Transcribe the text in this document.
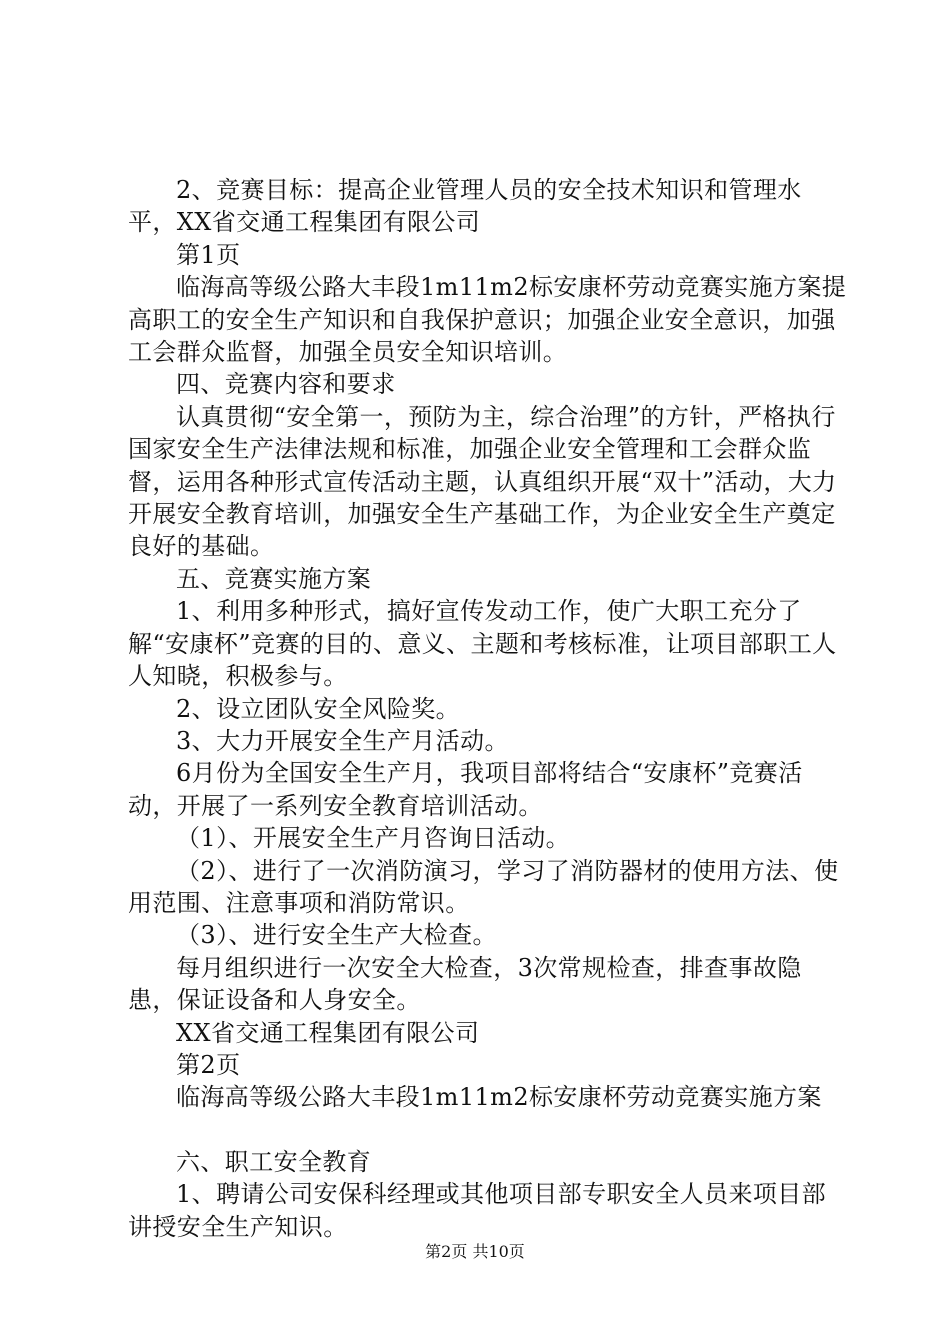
2、竞赛目标：提高企业管理人员的安全技术知识和管理水平，XX省交通工程集团有限公司

第1页

临海高等级公路大丰段1m11m2标安康杯劳动竞赛实施方案提高职工的安全生产知识和自我保护意识；加强企业安全意识，加强工会群众监督，加强全员安全知识培训。

四、竞赛内容和要求

认真贯彻“安全第一，预防为主，综合治理”的方针，严格执行国家安全生产法律法规和标准，加强企业安全管理和工会群众监督，运用各种形式宣传活动主题，认真组织开展“双十”活动，大力开展安全教育培训，加强安全生产基础工作，为企业安全生产奠定良好的基础。

五、竞赛实施方案

1、利用多种形式，搞好宣传发动工作，使广大职工充分了解“安康杯”竞赛的目的、意义、主题和考核标准，让项目部职工人人知晓，积极参与。

2、设立团队安全风险奖。

3、大力开展安全生产月活动。

6月份为全国安全生产月，我项目部将结合“安康杯”竞赛活动，开展了一系列安全教育培训活动。

（1）、开展安全生产月咨询日活动。

（2）、进行了一次消防演习，学习了消防器材的使用方法、使用范围、注意事项和消防常识。

（3）、进行安全生产大检查。

每月组织进行一次安全大检查，3次常规检查，排查事故隐患，保证设备和人身安全。

XX省交通工程集团有限公司

第2页

临海高等级公路大丰段1m11m2标安康杯劳动竞赛实施方案

六、职工安全教育

1、聘请公司安保科经理或其他项目部专职安全人员来项目部讲授安全生产知识。

第2页 共10页
